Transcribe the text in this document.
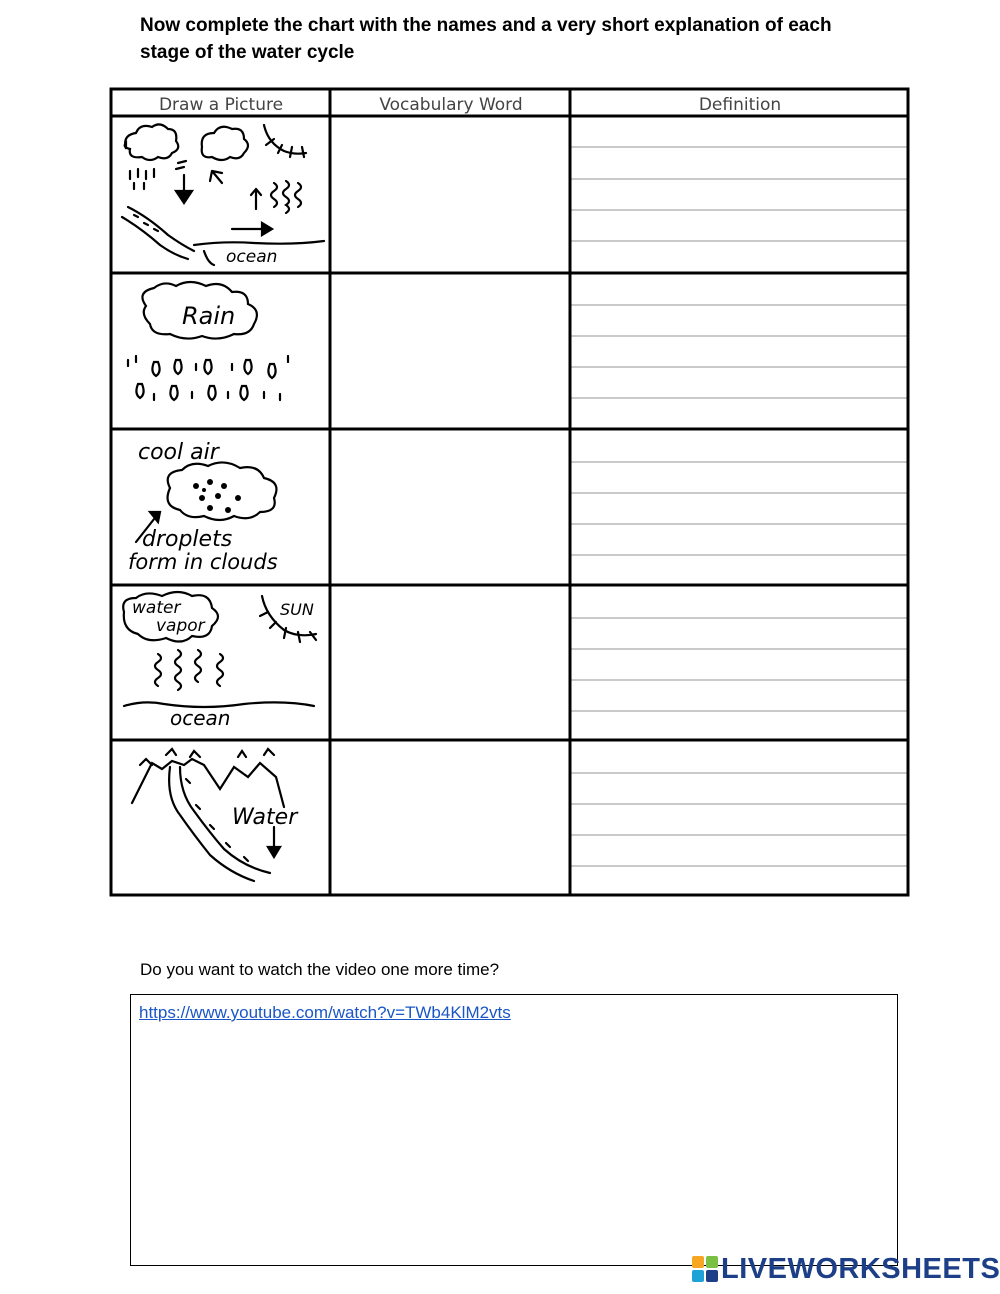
Now complete the chart with the names and a very short explanation of each stage of the water cycle

Draw a Picture	Vocabulary Word	Definition
ocean
Rain
cool air
droplets
form in clouds
water
vapor
SUN
ocean
Water

Do you want to watch the video one more time?

https://www.youtube.com/watch?v=TWb4KlM2vts
LIVEWORKSHEETS
